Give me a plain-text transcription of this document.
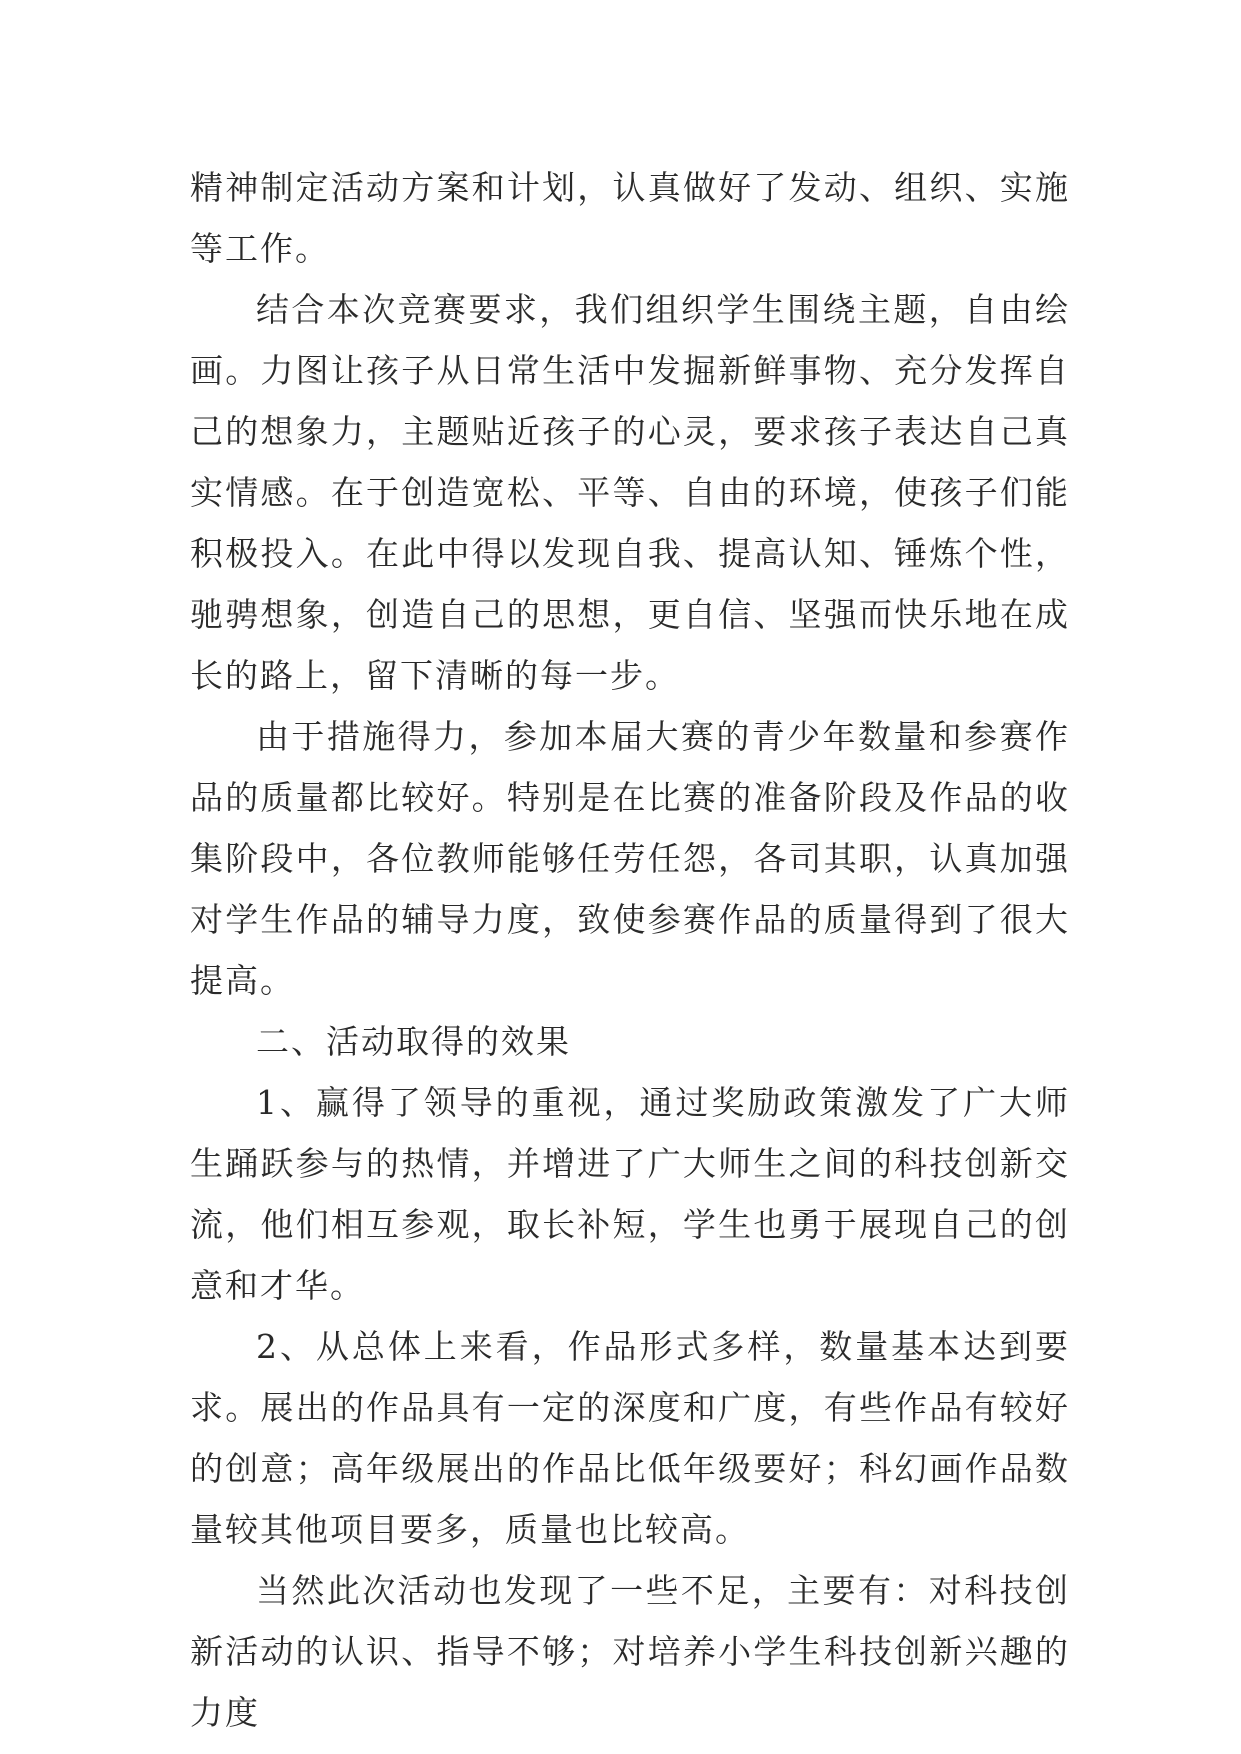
精神制定活动方案和计划，认真做好了发动、组织、实施等工作。

结合本次竞赛要求，我们组织学生围绕主题，自由绘画。力图让孩子从日常生活中发掘新鲜事物、充分发挥自己的想象力，主题贴近孩子的心灵，要求孩子表达自己真实情感。在于创造宽松、平等、自由的环境，使孩子们能积极投入。在此中得以发现自我、提高认知、锤炼个性，驰骋想象，创造自己的思想，更自信、坚强而快乐地在成长的路上，留下清晰的每一步。

由于措施得力，参加本届大赛的青少年数量和参赛作品的质量都比较好。特别是在比赛的准备阶段及作品的收集阶段中，各位教师能够任劳任怨，各司其职，认真加强对学生作品的辅导力度，致使参赛作品的质量得到了很大提高。

二、活动取得的效果

1、赢得了领导的重视，通过奖励政策激发了广大师生踊跃参与的热情，并增进了广大师生之间的科技创新交流，他们相互参观，取长补短，学生也勇于展现自己的创意和才华。

2、从总体上来看，作品形式多样，数量基本达到要求。展出的作品具有一定的深度和广度，有些作品有较好的创意；高年级展出的作品比低年级要好；科幻画作品数量较其他项目要多，质量也比较高。

当然此次活动也发现了一些不足，主要有：对科技创新活动的认识、指导不够；对培养小学生科技创新兴趣的力度
